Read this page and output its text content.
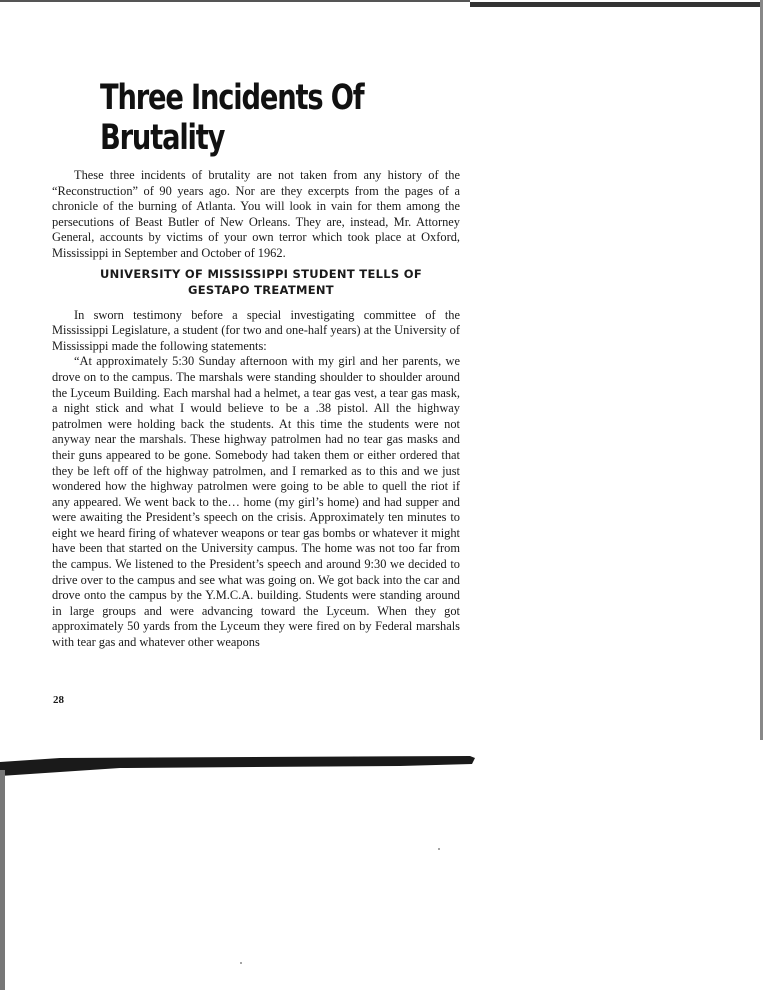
Three Incidents Of Brutality

These three incidents of brutality are not taken from any history of the “Reconstruction” of 90 years ago. Nor are they excerpts from the pages of a chronicle of the burning of Atlanta. You will look in vain for them among the persecutions of Beast Butler of New Orleans. They are, instead, Mr. Attorney General, accounts by victims of your own terror which took place at Oxford, Mississippi in September and October of 1962.

UNIVERSITY OF MISSISSIPPI STUDENT TELLS OF
GESTAPO TREATMENT

In sworn testimony before a special investigating committee of the Mississippi Legislature, a student (for two and one-half years) at the University of Mississippi made the following statements:

“At approximately 5:30 Sunday afternoon with my girl and her parents, we drove on to the campus. The marshals were standing shoulder to shoulder around the Lyceum Building. Each marshal had a helmet, a tear gas vest, a tear gas mask, a night stick and what I would believe to be a .38 pistol. All the highway patrolmen were holding back the students. At this time the students were not anyway near the marshals. These highway patrolmen had no tear gas masks and their guns appeared to be gone. Somebody had taken them or either ordered that they be left off of the highway patrolmen, and I remarked as to this and we just wondered how the highway patrolmen were going to be able to quell the riot if any appeared. We went back to the… home (my girl’s home) and had supper and were awaiting the President’s speech on the crisis. Approximately ten minutes to eight we heard firing of whatever weapons or tear gas bombs or whatever it might have been that started on the University campus. The home was not too far from the campus. We listened to the President’s speech and around 9:30 we decided to drive over to the campus and see what was going on. We got back into the car and drove onto the campus by the Y.M.C.A. building. Students were standing around in large groups and were advancing toward the Lyceum. When they got approximately 50 yards from the Lyceum they were fired on by Federal marshals with tear gas and whatever other weapons

28
